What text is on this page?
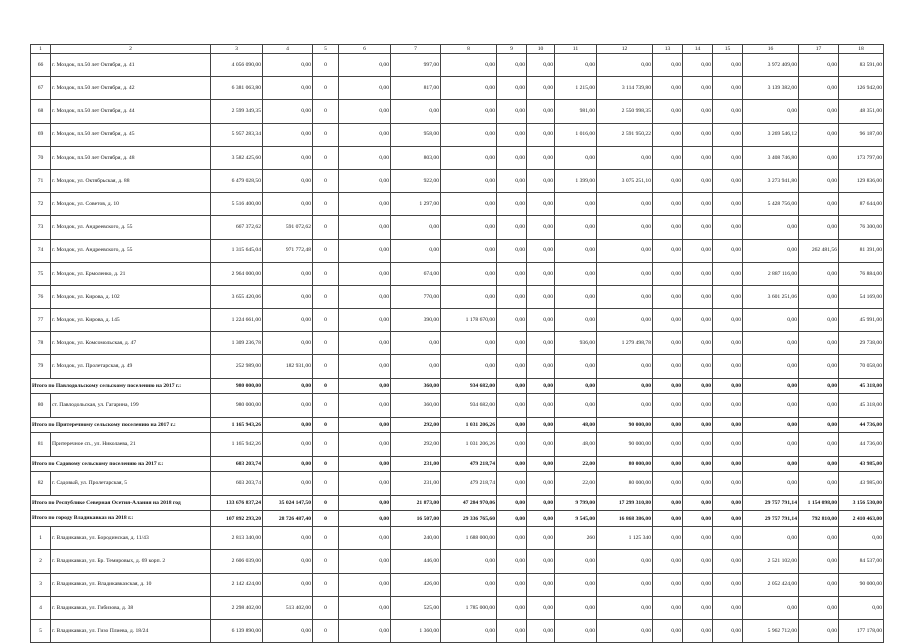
1	2	3	4	5	6	7	8	9	10	11	12	13	14	15	16	17	18
66	г. Моздок, пл.50 лет Октября, д. 41	4 056 090,00	0,00	0	0,00	997,00	0,00	0,00	0,00	0,00	0,00	0,00	0,00	0,00	3 972 409,00	0,00	83 591,00
67	г. Моздок, пл.50 лет Октября, д. 42	6 381 063,80	0,00	0	0,00	817,00	0,00	0,00	0,00	1 215,00	3 114 739,80	0,00	0,00	0,00	3 139 382,00	0,00	126 942,00
68	г. Моздок, пл.50 лет Октября, д. 44	2 599 349,35	0,00	0	0,00	0,00	0,00	0,00	0,00	981,00	2 550 998,35	0,00	0,00	0,00	0,00	0,00	48 351,00
69	г. Моздок, пл.50 лет Октября, д. 45	5 957 283,34	0,00	0	0,00	958,00	0,00	0,00	0,00	1 016,00	2 591 950,22	0,00	0,00	0,00	3 269 546,12	0,00	96 187,00
70	г. Моздок, пл.50 лет Октября, д. 48	3 582 425,60	0,00	0	0,00	803,00	0,00	0,00	0,00	0,00	0,00	0,00	0,00	0,00	3 408 746,80	0,00	173 797,00
71	г. Моздок, ул. Октябрьская, д. 88	6 479 028,50	0,00	0	0,00	922,00	0,00	0,00	0,00	1 399,00	3 075 251,10	0,00	0,00	0,00	3 273 941,80	0,00	129 836,00
72	г. Моздок, ул. Советов, д. 10	5 516 400,00	0,00	0	0,00	1 297,00	0,00	0,00	0,00	0,00	0,00	0,00	0,00	0,00	5 428 756,00	0,00	87 644,00
73	г. Моздок, ул. Андреевского, д. 55	667 372,62	591 072,62	0	0,00	0,00	0,00	0,00	0,00	0,00	0,00	0,00	0,00	0,00	0,00	0,00	76 300,00
74	г. Моздок, ул. Андреевского, д. 55	1 315 645,04	971 772,48	0	0,00	0,00	0,00	0,00	0,00	0,00	0,00	0,00	0,00	0,00	0,00	262 481,56	81 391,00
75	г. Моздок, ул. Ермоленко, д. 21	2 964 000,00	0,00	0	0,00	674,00	0,00	0,00	0,00	0,00	0,00	0,00	0,00	0,00	2 887 116,00	0,00	76 884,00
76	г. Моздок, ул. Кирова, д. 102	3 655 420,06	0,00	0	0,00	770,00	0,00	0,00	0,00	0,00	0,00	0,00	0,00	0,00	3 601 251,06	0,00	54 169,00
77	г. Моздок, ул. Кирова, д. 145	1 224 661,00	0,00	0	0,00	390,00	1 178 670,00	0,00	0,00	0,00	0,00	0,00	0,00	0,00	0,00	0,00	45 991,00
78	г. Моздок, ул. Комсомольская, д. 47	1 309 236,78	0,00	0	0,00	0,00	0,00	0,00	0,00	936,00	1 279 498,78	0,00	0,00	0,00	0,00	0,00	29 738,00
79	г. Моздок, ул. Пролетарская, д. 49	252 989,00	182 931,00	0	0,00	0,00	0,00	0,00	0,00	0,00	0,00	0,00	0,00	0,00	0,00	0,00	70 058,00
Итого по Павлодольскому сельскому поселению на 2017 г.:		980 000,00	0,00	0	0,00	360,00	934 682,00	0,00	0,00	0,00	0,00	0,00	0,00	0,00	0,00	0,00	45 318,00
80	ст. Павлодольская, ул. Гагарина, 199	980 000,00	0,00	0	0,00	360,00	934 682,00	0,00	0,00	0,00	0,00	0,00	0,00	0,00	0,00	0,00	45 318,00
Итого по Притеречному сельскому поселению на 2017 г.:		1 165 943,26	0,00	0	0,00	292,00	1 031 206,26	0,00	0,00	48,00	90 000,00	0,00	0,00	0,00	0,00	0,00	44 736,00
81	Притеречное сп., ул. Николаева, 21	1 165 942,26	0,00	0	0,00	292,00	1 031 206,26	0,00	0,00	48,00	90 000,00	0,00	0,00	0,00	0,00	0,00	44 736,00
Итого по Садовому сельскому поселению на 2017 г.:		603 203,74	0,00	0	0,00	231,00	479 218,74	0,00	0,00	22,00	80 000,00	0,00	0,00	0,00	0,00	0,00	43 985,00
82	г. Садовый, ул. Пролетарская, 5	603 203,74	0,00	0	0,00	231,00	479 218,74	0,00	0,00	22,00	80 000,00	0,00	0,00	0,00	0,00	0,00	43 985,00
Итого по Республике Северная Осетия-Алания на 2018 год		133 676 837,24	35 024 147,50	0	0,00	21 873,00	47 284 970,06	0,00	0,00	9 799,00	17 299 310,80	0,00	0,00	0,00	29 757 791,14	1 154 098,00	3 156 530,00
Итого по городу Владикавказ на 2018 г.:		107 892 293,20	28 726 487,40	0	0,00	16 507,00	29 336 765,60	0,00	0,00	9 545,00	16 868 386,00	0,00	0,00	0,00	29 757 791,14	792 810,00	2 410 463,00
1	г. Владикавказ, ул. Бородинская, д. 11/43	2 813 340,00	0,00	0	0,00	240,00	1 688 000,00	0,00	0,00	260	1 125 340	0,00	0,00	0,00	0,00	0,00	0,00
2	г. Владикавказ, ул. Бр. Темировых, д. 69 корп. 2	2 606 039,00	0,00	0	0,00	446,00	0,00	0,00	0,00	0,00	0,00	0,00	0,00	0,00	2 521 102,00	0,00	84 537,00
3	г. Владикавказ, ул. Владикавказская, д. 10	2 142 424,00	0,00	0	0,00	426,00	0,00	0,00	0,00	0,00	0,00	0,00	0,00	0,00	2 052 424,00	0,00	90 000,00
4	г. Владикавказ, ул. Гибизова, д. 38	2 298 402,00	513 402,00	0	0,00	525,00	1 785 000,00	0,00	0,00	0,00	0,00	0,00	0,00	0,00	0,00	0,00	0,00
5	г. Владикавказ, ул. Гизо Плиева, д. 18/24	6 139 890,00	0,00	0	0,00	1 360,00	0,00	0,00	0,00	0,00	0,00	0,00	0,00	0,00	5 962 712,00	0,00	177 178,00
